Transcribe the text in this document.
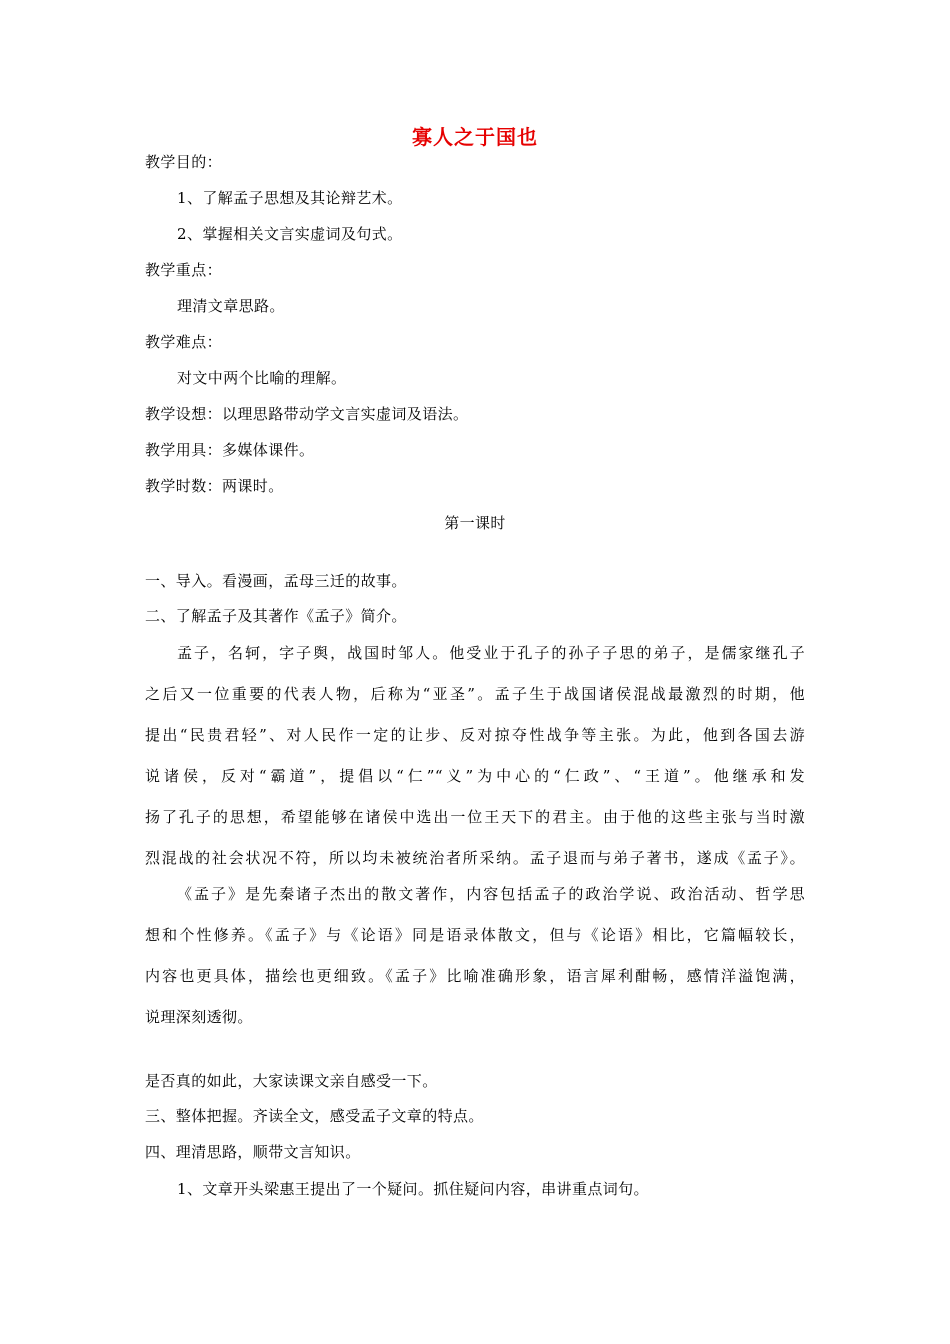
寡人之于国也
教学目的：
1、了解孟子思想及其论辩艺术。
2、掌握相关文言实虚词及句式。
教学重点：
理清文章思路。
教学难点：
对文中两个比喻的理解。
教学设想：以理思路带动学文言实虚词及语法。
教学用具：多媒体课件。
教学时数：两课时。
第一课时
一、导入。看漫画，孟母三迁的故事。
二、了解孟子及其著作《孟子》简介。
孟子，名轲，字子舆，战国时邹人。他受业于孔子的孙子子思的弟子，是儒家继孔子
之后又一位重要的代表人物，后称为“亚圣”。孟子生于战国诸侯混战最激烈的时期，他
提出“民贵君轻”、对人民作一定的让步、反对掠夺性战争等主张。为此，他到各国去游
说诸侯，反对“霸道”，提倡以“仁”“义”为中心的“仁政”、“王道”。他继承和发
扬了孔子的思想，希望能够在诸侯中选出一位王天下的君主。由于他的这些主张与当时激
烈混战的社会状况不符，所以均未被统治者所采纳。孟子退而与弟子著书，遂成《孟子》。
《孟子》是先秦诸子杰出的散文著作，内容包括孟子的政治学说、政治活动、哲学思
想和个性修养。《孟子》与《论语》同是语录体散文，但与《论语》相比，它篇幅较长，
内容也更具体，描绘也更细致。《孟子》比喻准确形象，语言犀利酣畅，感情洋溢饱满，
说理深刻透彻。
是否真的如此，大家读课文亲自感受一下。
三、整体把握。齐读全文，感受孟子文章的特点。
四、理清思路，顺带文言知识。
1、文章开头梁惠王提出了一个疑问。抓住疑问内容，串讲重点词句。
